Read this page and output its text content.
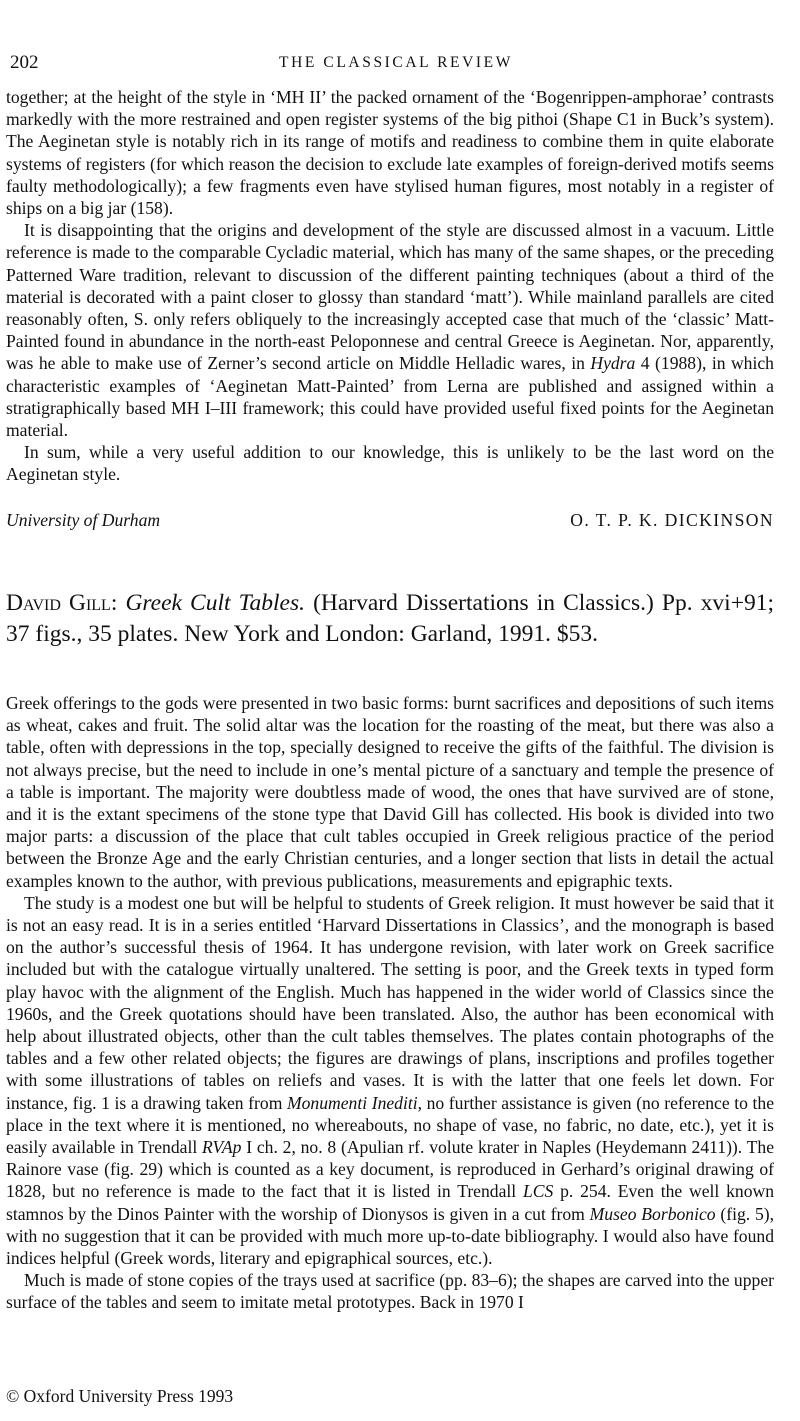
202	THE CLASSICAL REVIEW

together; at the height of the style in ‘MH II’ the packed ornament of the ‘Bogenrippen-amphorae’ contrasts markedly with the more restrained and open register systems of the big pithoi (Shape C1 in Buck’s system). The Aeginetan style is notably rich in its range of motifs and readiness to combine them in quite elaborate systems of registers (for which reason the decision to exclude late examples of foreign-derived motifs seems faulty methodologically); a few fragments even have stylised human figures, most notably in a register of ships on a big jar (158).

It is disappointing that the origins and development of the style are discussed almost in a vacuum. Little reference is made to the comparable Cycladic material, which has many of the same shapes, or the preceding Patterned Ware tradition, relevant to discussion of the different painting techniques (about a third of the material is decorated with a paint closer to glossy than standard ‘matt’). While mainland parallels are cited reasonably often, S. only refers obliquely to the increasingly accepted case that much of the ‘classic’ Matt-Painted found in abundance in the north-east Peloponnese and central Greece is Aeginetan. Nor, apparently, was he able to make use of Zerner’s second article on Middle Helladic wares, in Hydra 4 (1988), in which characteristic examples of ‘Aeginetan Matt-Painted’ from Lerna are published and assigned within a stratigraphically based MH I–III framework; this could have provided useful fixed points for the Aeginetan material.

In sum, while a very useful addition to our knowledge, this is unlikely to be the last word on the Aeginetan style.

University of Durham	O. T. P. K. DICKINSON
David Gill: Greek Cult Tables. (Harvard Dissertations in Classics.) Pp. xvi+91; 37 figs., 35 plates. New York and London: Garland, 1991. $53.

Greek offerings to the gods were presented in two basic forms: burnt sacrifices and depositions of such items as wheat, cakes and fruit. The solid altar was the location for the roasting of the meat, but there was also a table, often with depressions in the top, specially designed to receive the gifts of the faithful. The division is not always precise, but the need to include in one’s mental picture of a sanctuary and temple the presence of a table is important. The majority were doubtless made of wood, the ones that have survived are of stone, and it is the extant specimens of the stone type that David Gill has collected. His book is divided into two major parts: a discussion of the place that cult tables occupied in Greek religious practice of the period between the Bronze Age and the early Christian centuries, and a longer section that lists in detail the actual examples known to the author, with previous publications, measurements and epigraphic texts.

The study is a modest one but will be helpful to students of Greek religion. It must however be said that it is not an easy read. It is in a series entitled ‘Harvard Dissertations in Classics’, and the monograph is based on the author’s successful thesis of 1964. It has undergone revision, with later work on Greek sacrifice included but with the catalogue virtually unaltered. The setting is poor, and the Greek texts in typed form play havoc with the alignment of the English. Much has happened in the wider world of Classics since the 1960s, and the Greek quotations should have been translated. Also, the author has been economical with help about illustrated objects, other than the cult tables themselves. The plates contain photographs of the tables and a few other related objects; the figures are drawings of plans, inscriptions and profiles together with some illustrations of tables on reliefs and vases. It is with the latter that one feels let down. For instance, fig. 1 is a drawing taken from Monumenti Inediti, no further assistance is given (no reference to the place in the text where it is mentioned, no whereabouts, no shape of vase, no fabric, no date, etc.), yet it is easily available in Trendall RVAp I ch. 2, no. 8 (Apulian rf. volute krater in Naples (Heydemann 2411)). The Rainore vase (fig. 29) which is counted as a key document, is reproduced in Gerhard’s original drawing of 1828, but no reference is made to the fact that it is listed in Trendall LCS p. 254. Even the well known stamnos by the Dinos Painter with the worship of Dionysos is given in a cut from Museo Borbonico (fig. 5), with no suggestion that it can be provided with much more up-to-date bibliography. I would also have found indices helpful (Greek words, literary and epigraphical sources, etc.).

Much is made of stone copies of the trays used at sacrifice (pp. 83–6); the shapes are carved into the upper surface of the tables and seem to imitate metal prototypes. Back in 1970 I

© Oxford University Press 1993
